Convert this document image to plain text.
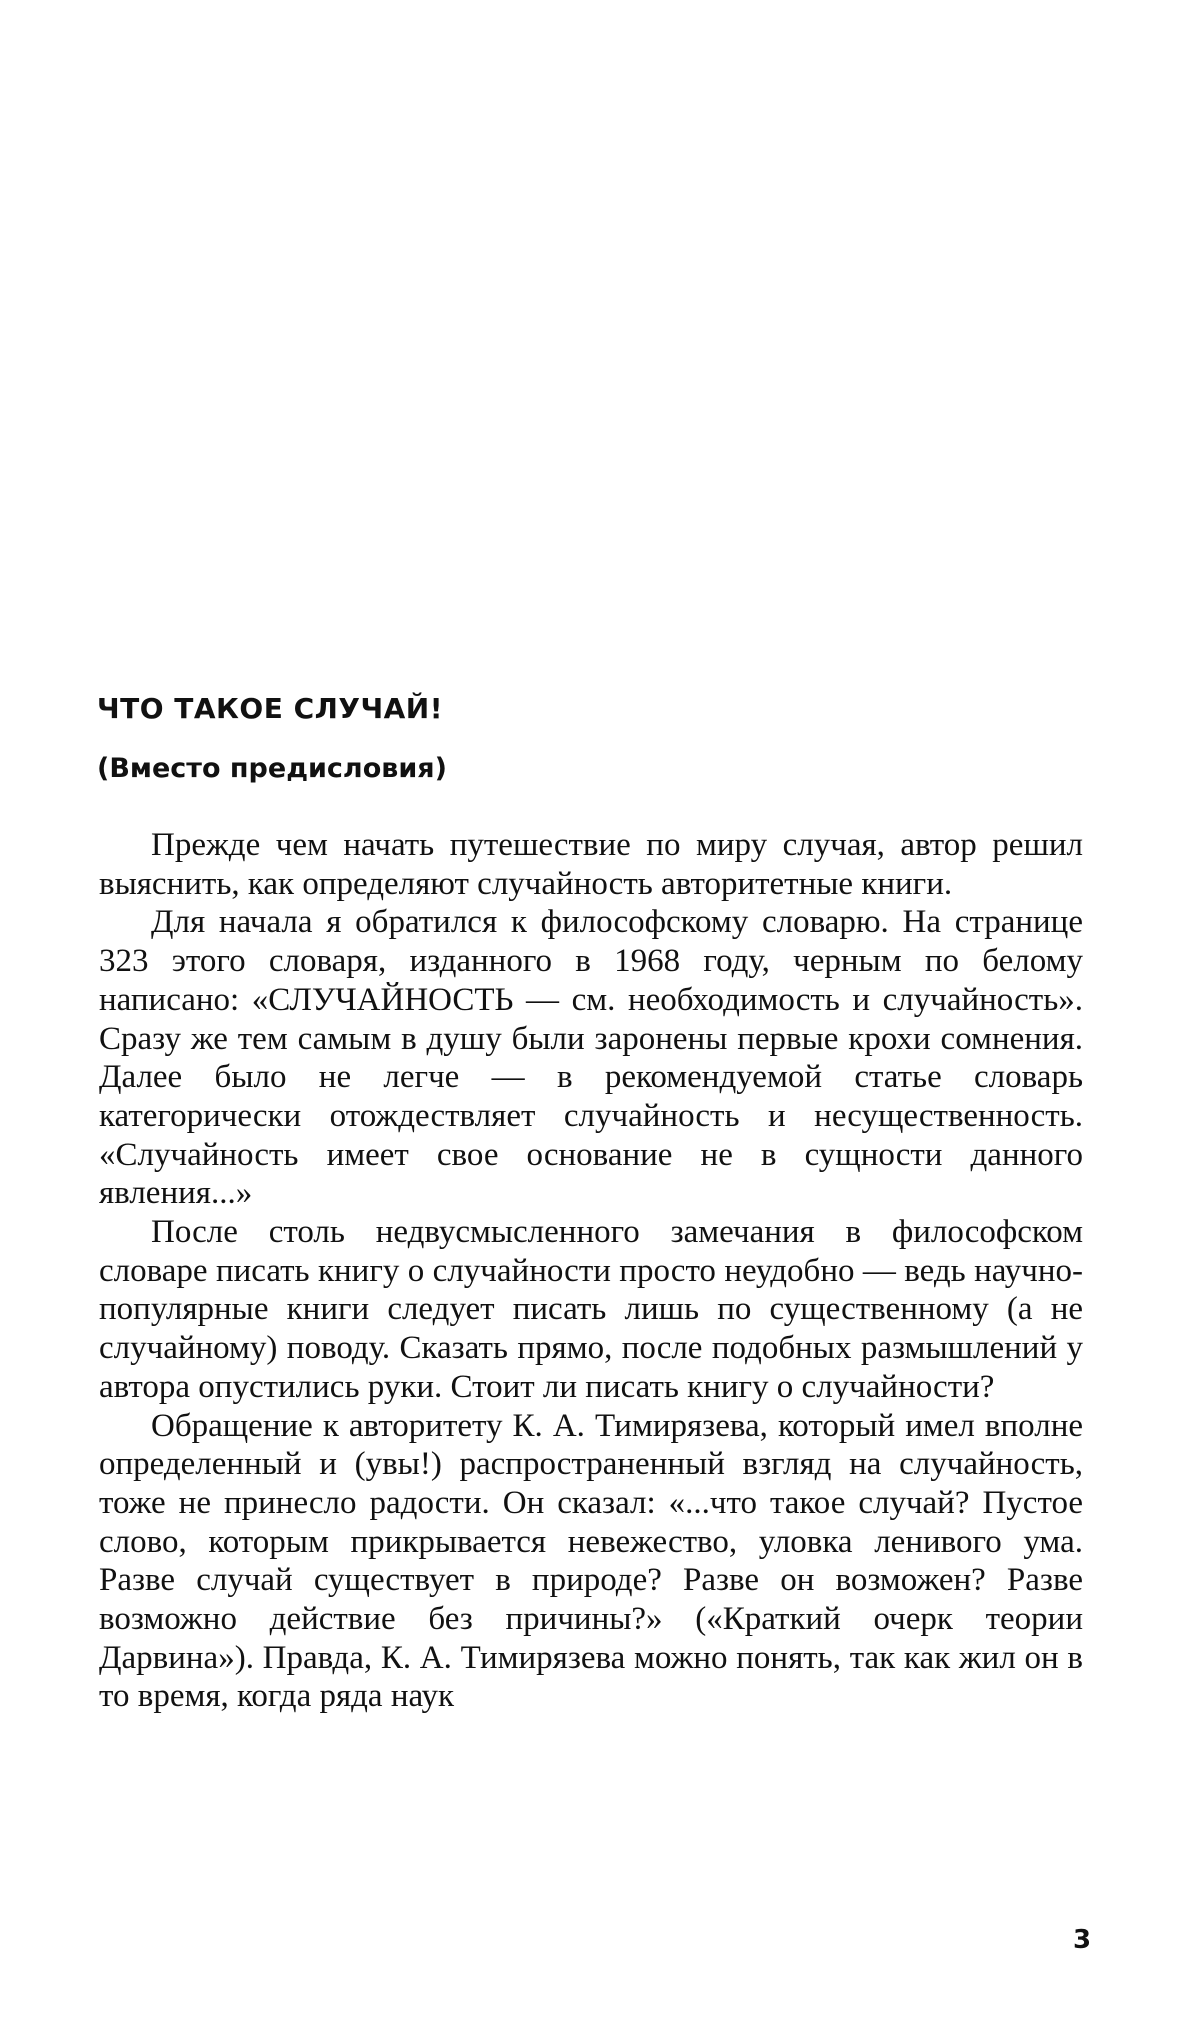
ЧТО ТАКОЕ СЛУЧАЙ!
(Вместо предисловия)

Прежде чем начать путешествие по миру случая, автор решил выяснить, как определяют случайность авторитетные книги.

Для начала я обратился к философскому словарю. На странице 323 этого словаря, изданного в 1968 году, черным по белому написано: «СЛУЧАЙНОСТЬ — см. необходимость и случайность». Сразу же тем самым в душу были заронены первые крохи сомнения. Далее было не легче — в рекомендуемой статье словарь категорически отождествляет случайность и несущественность. «Случайность имеет свое основание не в сущности данного явления...»

После столь недвусмысленного замечания в философском словаре писать книгу о случайности просто неудобно — ведь научно-популярные книги следует писать лишь по существенному (а не случайному) поводу. Сказать прямо, после подобных размышлений у автора опустились руки. Стоит ли писать книгу о случайности?

Обращение к авторитету К. А. Тимирязева, который имел вполне определенный и (увы!) распространенный взгляд на случайность, тоже не принесло радости. Он сказал: «...что такое случай? Пустое слово, которым прикрывается невежество, уловка ленивого ума. Разве случай существует в природе? Разве он возможен? Разве возможно действие без причины?» («Краткий очерк теории Дарвина»). Правда, К. А. Тимирязева можно понять, так как жил он в то время, когда ряда наук

3
